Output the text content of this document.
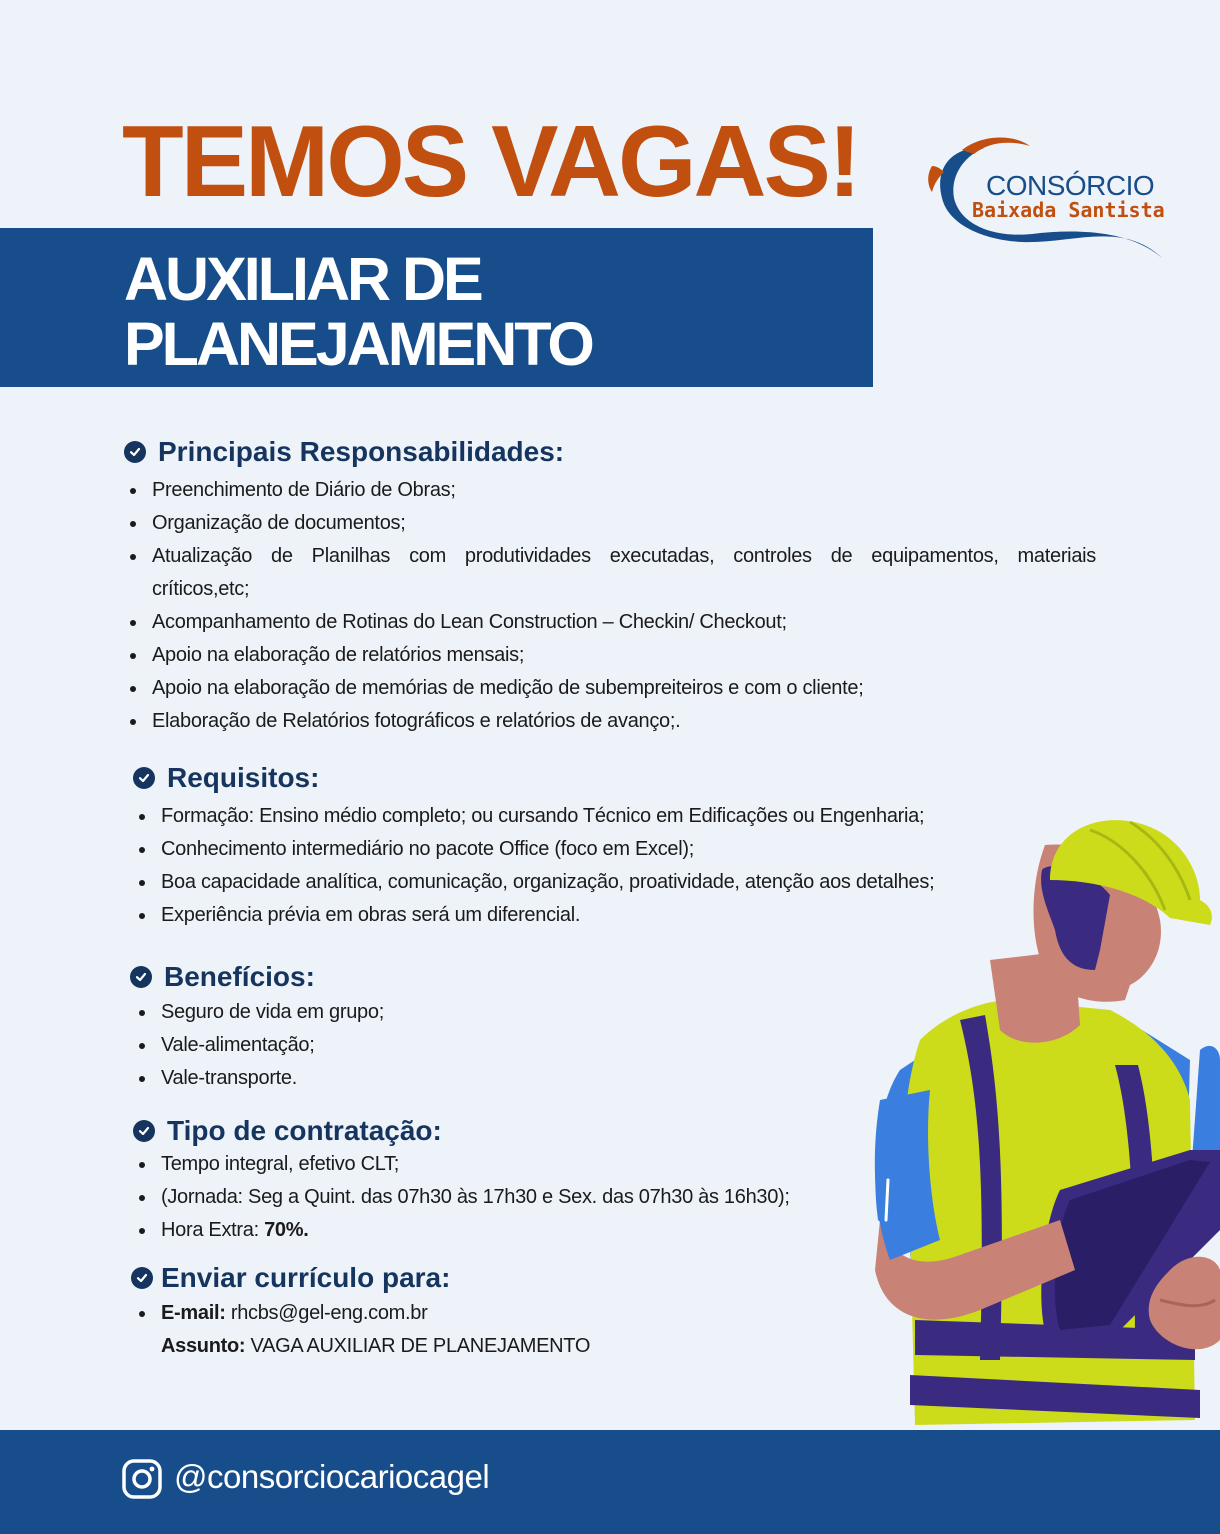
TEMOS VAGAS!
AUXILIAR DE
PLANEJAMENTO
CONSÓRCIO
Baixada Santista
Principais Responsabilidades:
Preenchimento de Diário de Obras;
Organização de documentos;
Atualização de Planilhas com produtividades executadas, controles de equipamentos, materiais
críticos,etc;
Acompanhamento de Rotinas do Lean Construction – Checkin/ Checkout;
Apoio na elaboração de relatórios mensais;
Apoio na elaboração de memórias de medição de subempreiteiros e com o cliente;
Elaboração de Relatórios fotográficos e relatórios de avanço;.
Requisitos:
Formação: Ensino médio completo; ou cursando Técnico em Edificações ou Engenharia;
Conhecimento intermediário no pacote Office (foco em Excel);
Boa capacidade analítica, comunicação, organização, proatividade, atenção aos detalhes;
Experiência prévia em obras será um diferencial.
Benefícios:
Seguro de vida em grupo;
Vale-alimentação;
Vale-transporte.
Tipo de contratação:
Tempo integral, efetivo CLT;
(Jornada: Seg a Quint. das 07h30 às 17h30 e Sex. das 07h30 às 16h30);
Hora Extra: 70%.
Enviar currículo para:
E-mail: rhcbs@gel-eng.com.br
Assunto: VAGA AUXILIAR DE PLANEJAMENTO
@consorciocariocagel
